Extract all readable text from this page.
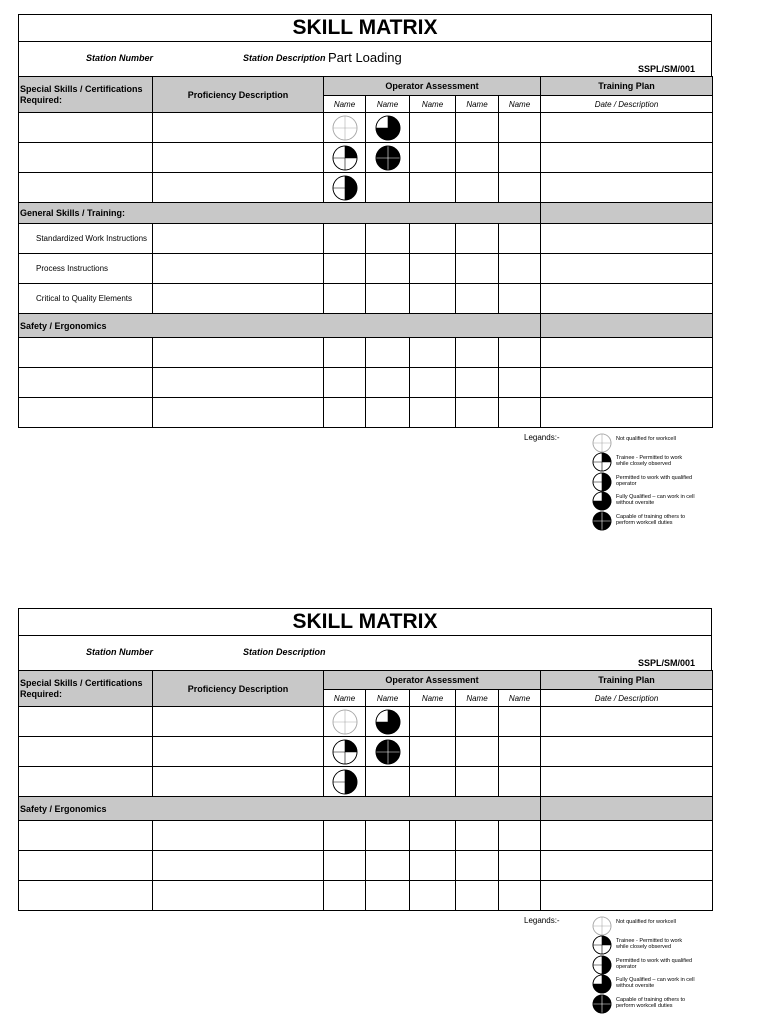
SKILL MATRIX
Station Number	Station Description Part Loading
SSPL/SM/001
Special Skills / Certifications Required:	Proficiency Description	Operator Assessment					Training Plan
		Name	Name	Name	Name	Name	Date / Description

General Skills / Training:							
Standardized Work Instructions							
Process Instructions							
Critical to Quality Elements							
Safety / Ergonomics							

Legands:-	Not qualified for workcell
Trainee - Permitted to work while closely observed
Permitted to work with qualified operator
Fully Qualified – can work in cell without oversite
Capable of training others to perform workcell duties
SKILL MATRIX
Station Number	Station Description
SSPL/SM/001
Special Skills / Certifications Required:	Proficiency Description	Operator Assessment					Training Plan
		Name	Name	Name	Name	Name	Date / Description

Safety / Ergonomics							

Legands:-	Not qualified for workcell
Trainee - Permitted to work while closely observed
Permitted to work with qualified operator
Fully Qualified – can work in cell without oversite
Capable of training others to perform workcell duties
